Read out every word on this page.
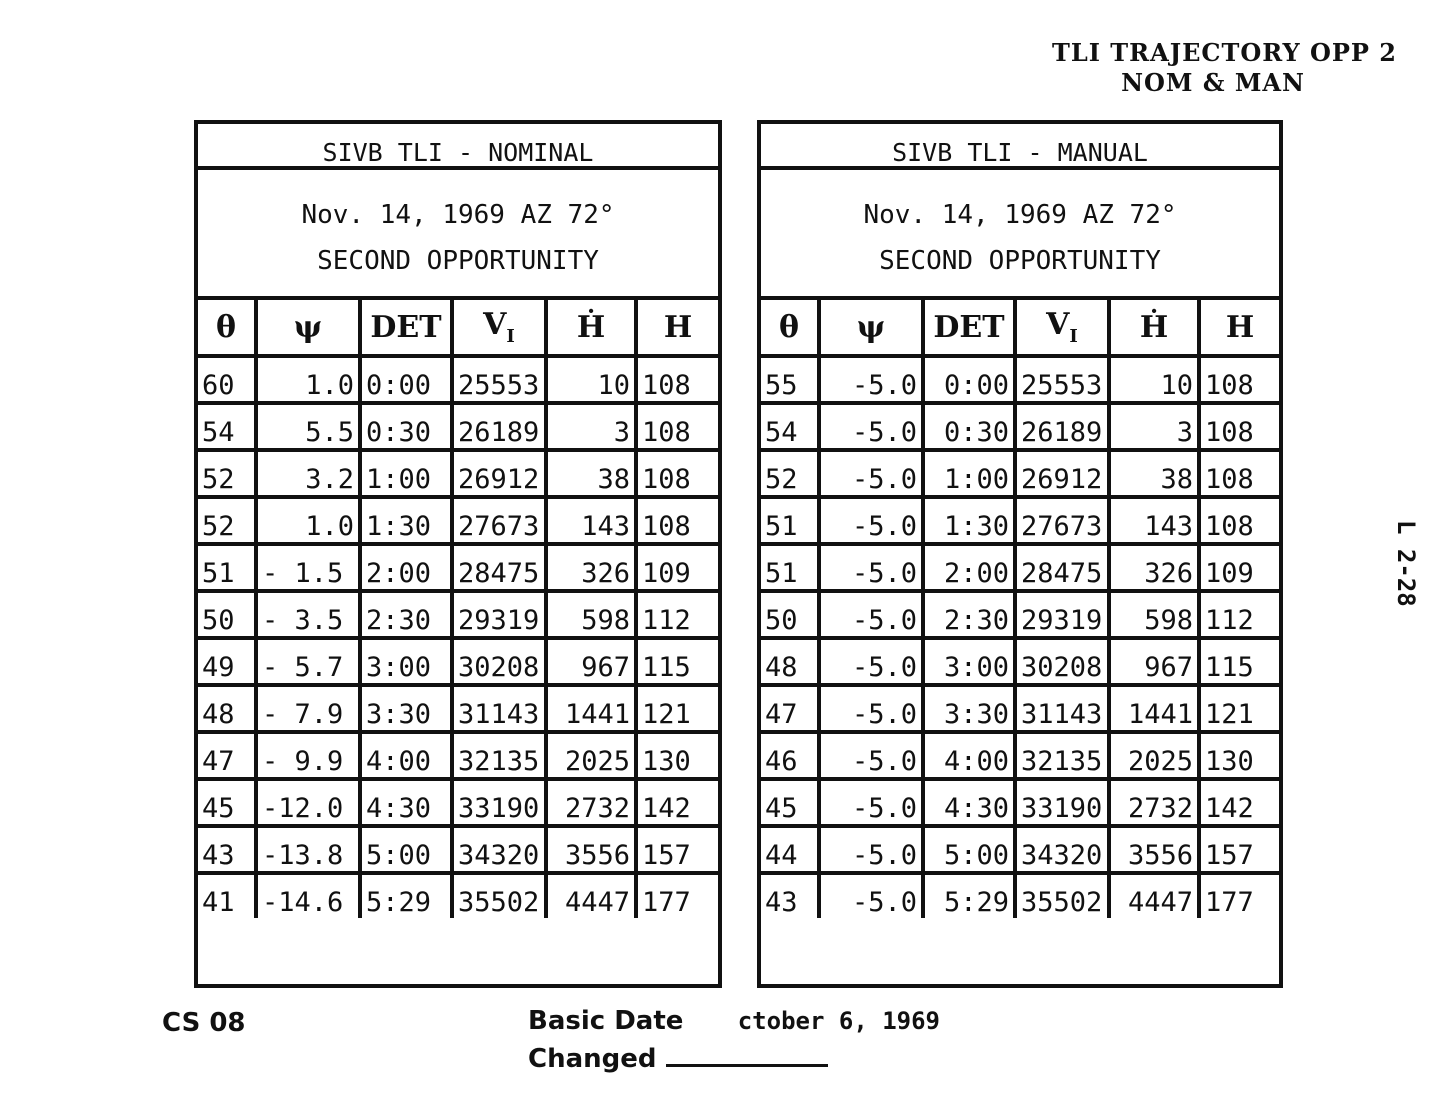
TLI TRAJECTORY OPP 2
NOM & MAN
L 2-28
SIVB TLI - NOMINAL
Nov. 14, 1969 AZ 72°
SECOND OPPORTUNITY
θ	ψ	DET	$V_I$	Ḣ	H
60	1.0	0:00	25553	10	108
54	5.5	0:30	26189	3	108
52	3.2	1:00	26912	38	108
52	1.0	1:30	27673	143	108
51	- 1.5	2:00	28475	326	109
50	- 3.5	2:30	29319	598	112
49	- 5.7	3:00	30208	967	115
48	- 7.9	3:30	31143	1441	121
47	- 9.9	4:00	32135	2025	130
45	-12.0	4:30	33190	2732	142
43	-13.8	5:00	34320	3556	157
41	-14.6	5:29	35502	4447	177
SIVB TLI - MANUAL
Nov. 14, 1969 AZ 72°
SECOND OPPORTUNITY
θ	ψ	DET	$V_I$	Ḣ	H
55	-5.0	0:00	25553	10	108
54	-5.0	0:30	26189	3	108
52	-5.0	1:00	26912	38	108
51	-5.0	1:30	27673	143	108
51	-5.0	2:00	28475	326	109
50	-5.0	2:30	29319	598	112
48	-5.0	3:00	30208	967	115
47	-5.0	3:30	31143	1441	121
46	-5.0	4:00	32135	2025	130
45	-5.0	4:30	33190	2732	142
44	-5.0	5:00	34320	3556	157
43	-5.0	5:29	35502	4447	177
CS 08	Basic Date ctober 6, 1969
Changed
